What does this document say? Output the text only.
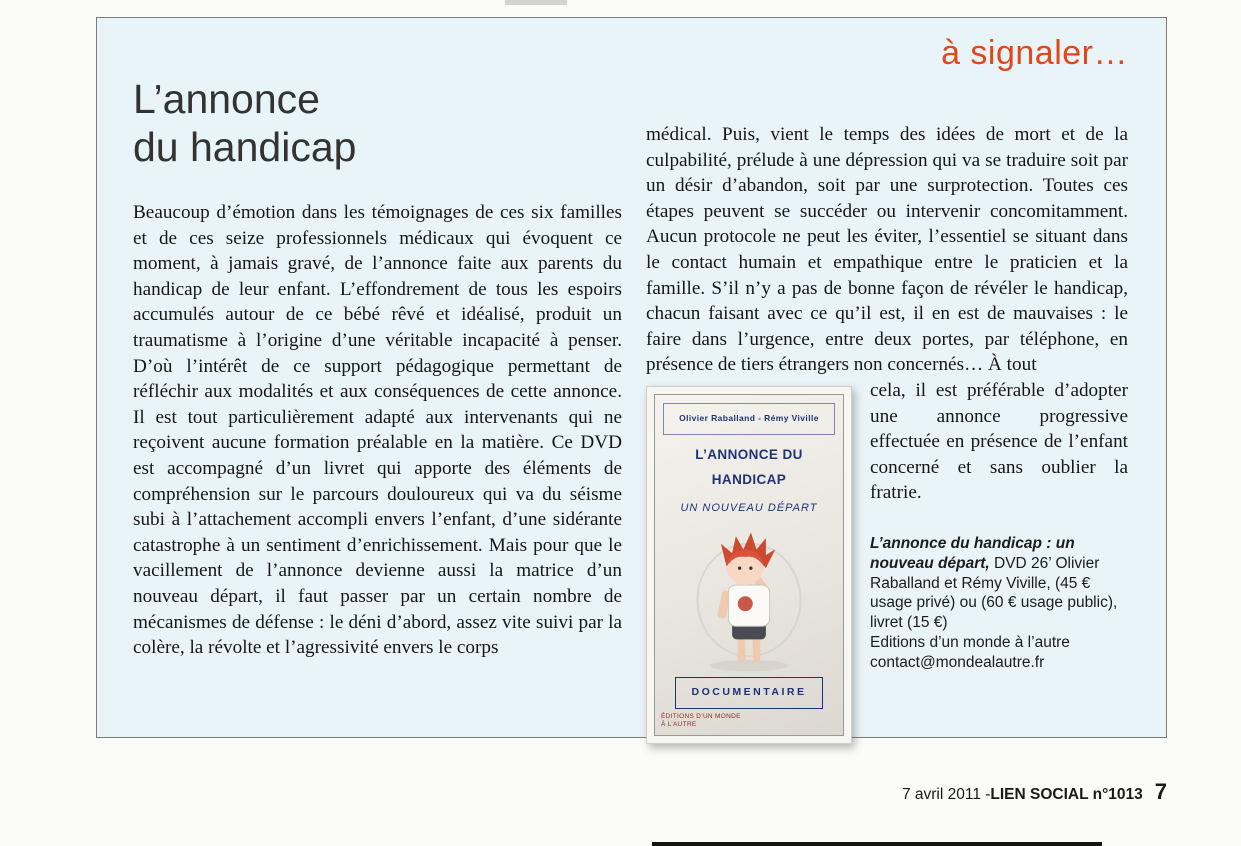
à signaler…
L’annonce
du handicap
Beaucoup d’émotion dans les témoignages de ces six familles et de ces seize professionnels médicaux qui évoquent ce moment, à jamais gravé, de l’annonce faite aux parents du handicap de leur enfant. L’effondrement de tous les espoirs accumulés autour de ce bébé rêvé et idéalisé, produit un traumatisme à l’origine d’une véritable incapacité à penser. D’où l’intérêt de ce support pédagogique permettant de réfléchir aux modalités et aux conséquences de cette annonce. Il est tout particulièrement adapté aux intervenants qui ne reçoivent aucune formation préalable en la matière. Ce DVD est accompagné d’un livret qui apporte des éléments de compréhension sur le parcours douloureux qui va du séisme subi à l’attachement accompli envers l’enfant, d’une sidérante catastrophe à un sentiment d’enrichissement. Mais pour que le vacillement de l’annonce devienne aussi la matrice d’un nouveau départ, il faut passer par un certain nombre de mécanismes de défense : le déni d’abord, assez vite suivi par la colère, la révolte et l’agressivité envers le corps

médical. Puis, vient le temps des idées de mort et de la culpabilité, prélude à une dépression qui va se traduire soit par un désir d’abandon, soit par une surprotection. Toutes ces étapes peuvent se succéder ou intervenir concomitamment. Aucun protocole ne peut les éviter, l’essentiel se situant dans le contact humain et empathique entre le praticien et la famille. S’il n’y a pas de bonne façon de révéler le handicap, chacun faisant avec ce qu’il est, il en est de mauvaises : le faire dans l’urgence, entre deux portes, par téléphone, en présence de tiers étrangers non concernés… À tout

Olivier Raballand - Rémy Viville
L’ANNONCE DU HANDICAP
UN NOUVEAU DÉPART
DOCUMENTAIRE
ÉDITIONS D’UN MONDE À L’AUTRE

cela, il est préférable d’adopter une annonce progressive effectuée en présence de l’enfant concerné et sans oublier la fratrie.

L’annonce du handicap : un nouveau départ, DVD 26’ Olivier Raballand et Rémy Viville, (45 € usage privé) ou (60 € usage public), livret (15 €)

Editions d’un monde à l’autre
contact@mondealautre.fr
7 avril 2011 - LIEN SOCIAL n°1013 7
